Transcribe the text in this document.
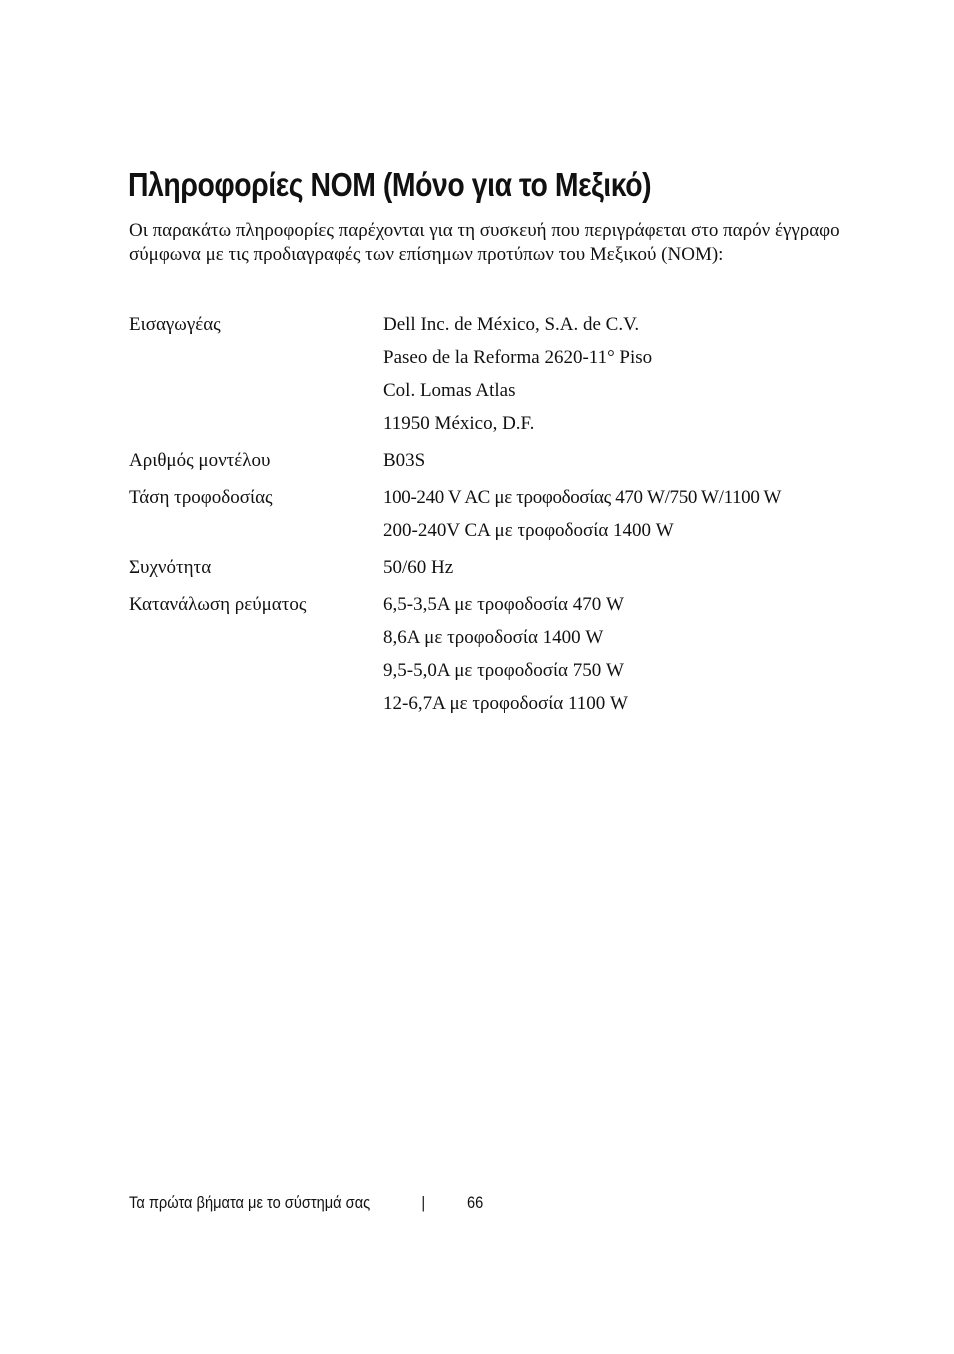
Πληροφορίες NOM (Μόνο για το Μεξικό)

Οι παρακάτω πληροφορίες παρέχονται για τη συσκευή που περιγράφεται στο παρόν έγγραφο σύμφωνα με τις προδιαγραφές των επίσημων προτύπων του Μεξικού (NOM):

Εισαγωγέας	Dell Inc. de México, S.A. de C.V.
Paseo de la Reforma 2620-11° Piso
Col. Lomas Atlas
11950 México, D.F.
Αριθμός μοντέλου	B03S
Τάση τροφοδοσίας	100-240 V AC με τροφοδοσίας 470 W/750 W/1100 W
200-240V CA με τροφοδοσία 1400 W
Συχνότητα	50/60 Hz
Κατανάλωση ρεύματος	6,5-3,5A με τροφοδοσία 470 W
8,6A με τροφοδοσία 1400 W
9,5-5,0A με τροφοδοσία 750 W
12-6,7A με τροφοδοσία 1100 W
Τα πρώτα βήματα με το σύστημά σας	| 66
